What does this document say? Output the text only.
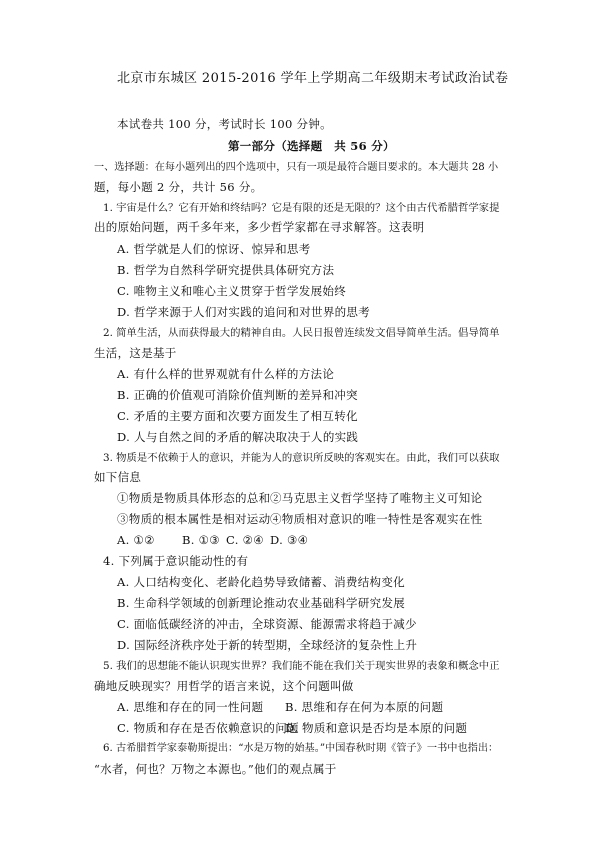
北京市东城区 2015-2016 学年上学期高二年级期末考试政治试卷
本试卷共 100 分，考试时长 100 分钟。
第一部分（选择题　共 56 分）
一、选择题：在每小题列出的四个选项中，只有一项是最符合题目要求的。本大题共 28 小
题，每小题 2 分，共计 56 分。
1. 宇宙是什么？它有开始和终结吗？它是有限的还是无限的？这个由古代希腊哲学家提
出的原始问题，两千多年来，多少哲学家都在寻求解答。这表明
A. 哲学就是人们的惊讶、惊异和思考
B. 哲学为自然科学研究提供具体研究方法
C. 唯物主义和唯心主义贯穿于哲学发展始终
D. 哲学来源于人们对实践的追问和对世界的思考
2. 简单生活，从而获得最大的精神自由。人民日报曾连续发文倡导简单生活。倡导简单
生活，这是基于
A. 有什么样的世界观就有什么样的方法论
B. 正确的价值观可消除价值判断的差异和冲突
C. 矛盾的主要方面和次要方面发生了相互转化
D. 人与自然之间的矛盾的解决取决于人的实践
3. 物质是不依赖于人的意识，并能为人的意识所反映的客观实在。由此，我们可以获取
如下信息
①物质是物质具体形态的总和 ②马克思主义哲学坚持了唯物主义可知论
③物质的根本属性是相对运动 ④物质相对意识的唯一特性是客观实在性
A. ①② B. ①③ C. ②④ D. ③④
4. 下列属于意识能动性的有
A. 人口结构变化、老龄化趋势导致储蓄、消费结构变化
B. 生命科学领域的创新理论推动农业基础科学研究发展
C. 面临低碳经济的冲击，全球资源、能源需求将趋于减少
D. 国际经济秩序处于新的转型期，全球经济的复杂性上升
5. 我们的思想能不能认识现实世界？我们能不能在我们关于现实世界的表象和概念中正
确地反映现实？用哲学的语言来说，这个问题叫做
A. 思维和存在的同一性问题 B. 思维和存在何为本原的问题
C. 物质和存在是否依赖意识的问题
D. 物质和意识是否均是本原的问题
6. 古希腊哲学家泰勒斯提出：“水是万物的始基。”中国春秋时期《管子》一书中也指出：
“水者，何也？万物之本源也。”他们的观点属于
